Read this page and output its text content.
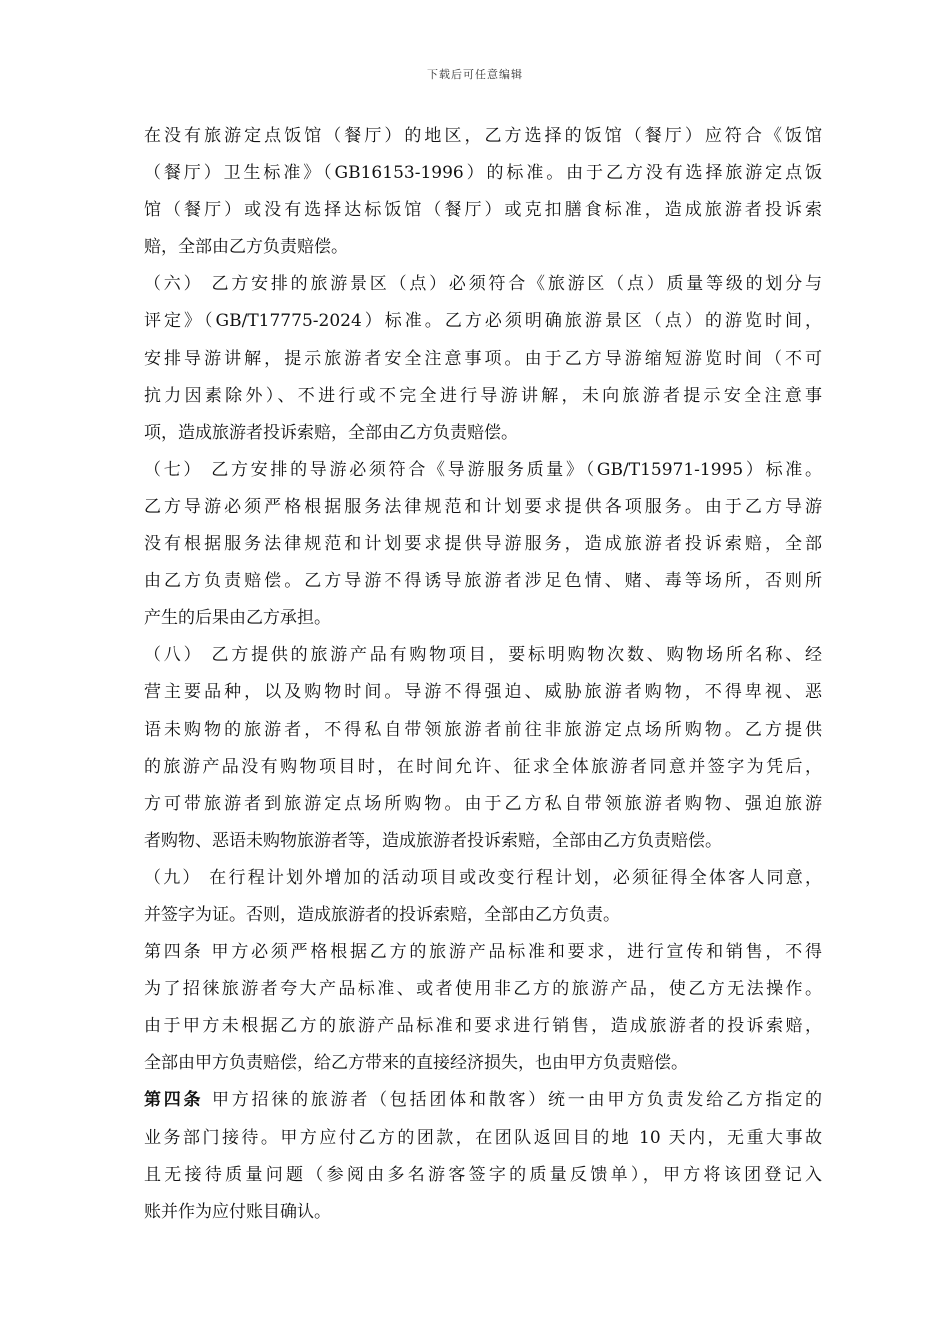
下载后可任意编辑
在没有旅游定点饭馆（餐厅）的地区，乙方选择的饭馆（餐厅）应符合《饭馆
（餐厅）卫生标准》（GB16153-1996）的标准。由于乙方没有选择旅游定点饭
馆（餐厅）或没有选择达标饭馆（餐厅）或克扣膳食标准，造成旅游者投诉索
赔，全部由乙方负责赔偿。
（六） 乙方安排的旅游景区（点）必须符合《旅游区（点）质量等级的划分与
评定》（GB/T17775-2024）标准。乙方必须明确旅游景区（点）的游览时间，
安排导游讲解，提示旅游者安全注意事项。由于乙方导游缩短游览时间（不可
抗力因素除外）、不进行或不完全进行导游讲解，未向旅游者提示安全注意事
项，造成旅游者投诉索赔，全部由乙方负责赔偿。
（七） 乙方安排的导游必须符合《导游服务质量》（GB/T15971-1995）标准。
乙方导游必须严格根据服务法律规范和计划要求提供各项服务。由于乙方导游
没有根据服务法律规范和计划要求提供导游服务，造成旅游者投诉索赔，全部
由乙方负责赔偿。乙方导游不得诱导旅游者涉足色情、赌、毒等场所，否则所
产生的后果由乙方承担。
（八） 乙方提供的旅游产品有购物项目，要标明购物次数、购物场所名称、经
营主要品种，以及购物时间。导游不得强迫、威胁旅游者购物，不得卑视、恶
语未购物的旅游者，不得私自带领旅游者前往非旅游定点场所购物。乙方提供
的旅游产品没有购物项目时，在时间允许、征求全体旅游者同意并签字为凭后，
方可带旅游者到旅游定点场所购物。由于乙方私自带领旅游者购物、强迫旅游
者购物、恶语未购物旅游者等，造成旅游者投诉索赔，全部由乙方负责赔偿。
（九） 在行程计划外增加的活动项目或改变行程计划，必须征得全体客人同意，
并签字为证。否则，造成旅游者的投诉索赔，全部由乙方负责。
第四条 甲方必须严格根据乙方的旅游产品标准和要求，进行宣传和销售，不得
为了招徕旅游者夸大产品标准、或者使用非乙方的旅游产品，使乙方无法操作。
由于甲方未根据乙方的旅游产品标准和要求进行销售，造成旅游者的投诉索赔，
全部由甲方负责赔偿，给乙方带来的直接经济损失，也由甲方负责赔偿。
第四条 甲方招徕的旅游者（包括团体和散客）统一由甲方负责发给乙方指定的
业务部门接待。甲方应付乙方的团款，在团队返回目的地 10 天内，无重大事故
且无接待质量问题（参阅由多名游客签字的质量反馈单），甲方将该团登记入
账并作为应付账目确认。
